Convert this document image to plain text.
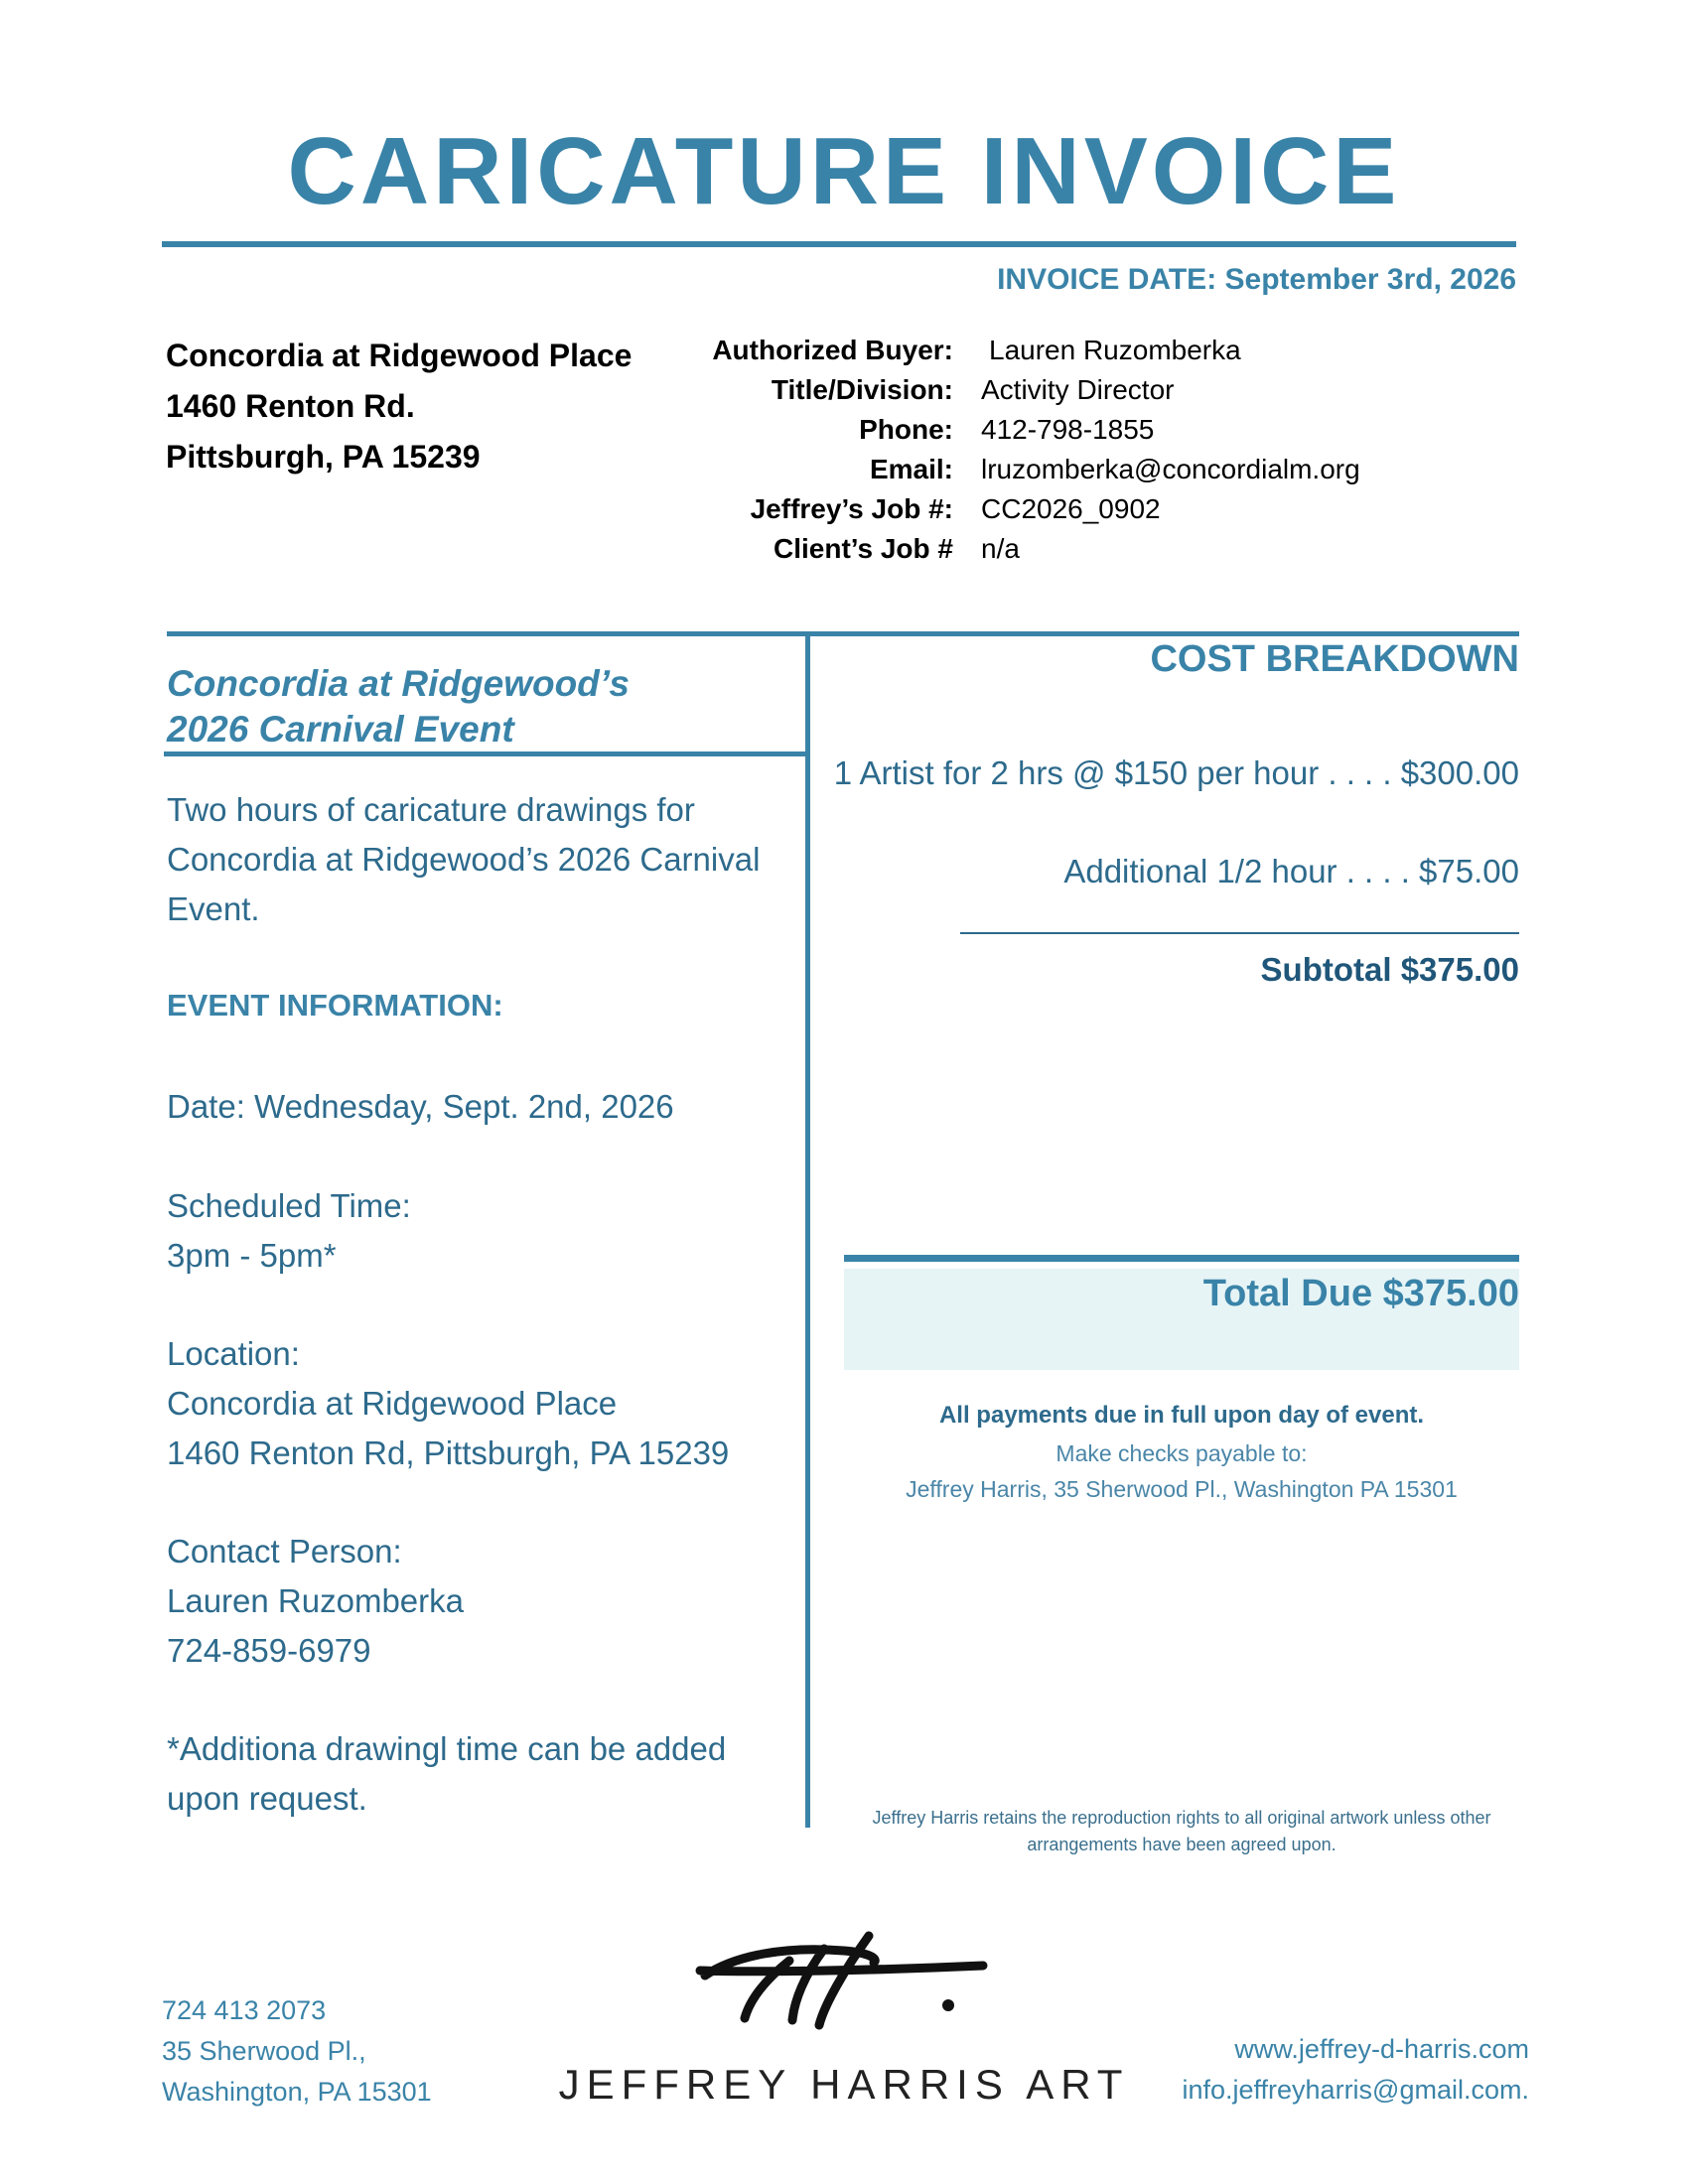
CARICATURE INVOICE
INVOICE DATE: September 3rd, 2026
Concordia at Ridgewood Place
1460 Renton Rd.
Pittsburgh, PA 15239
Authorized Buyer:
Title/Division:
Phone:
Email:
Jeffrey’s Job #:
Client’s Job #
Lauren Ruzomberka
Activity Director
412-798-1855
lruzomberka@concordialm.org
CC2026_0902
n/a
Concordia at Ridgewood’s
2026 Carnival Event
Two hours of caricature drawings for Concordia at Ridgewood’s 2026 Carnival Event.
EVENT INFORMATION:
Date: Wednesday, Sept. 2nd, 2026
Scheduled Time:
3pm - 5pm*
Location:
Concordia at Ridgewood Place
1460 Renton Rd, Pittsburgh, PA 15239
Contact Person:
Lauren Ruzomberka
724-859-6979
*Additiona drawingl time can be added
upon request.
COST BREAKDOWN
1 Artist for 2 hrs @ $150 per hour . . . . $300.00
Additional 1/2 hour . . . . $75.00
Subtotal $375.00
Total Due $375.00
All payments due in full upon day of event.
Make checks payable to:
Jeffrey Harris, 35 Sherwood Pl., Washington PA 15301
Jeffrey Harris retains the reproduction rights to all original artwork unless other
arrangements have been agreed upon.
724 413 2073
35 Sherwood Pl.,
Washington, PA 15301	JEFFREY HARRIS ART
www.jeffrey-d-harris.com
info.jeffreyharris@gmail.com.
